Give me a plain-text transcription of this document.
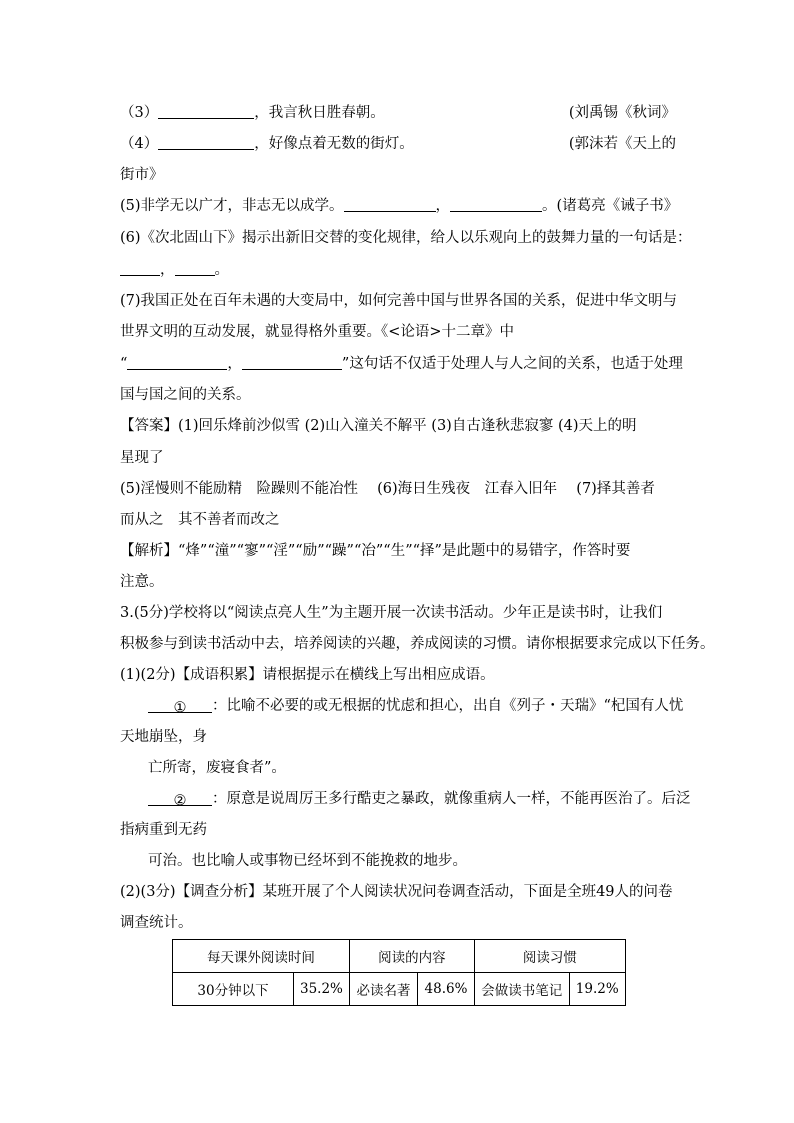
（3）	，我言秋日胜春朝。	(刘禹锡《秋词》
（4）	，好像点着无数的街灯。	(郭沫若《天上的
街市》
(5)非学无以广才，非志无以成学。	，	。(诸葛亮《诫子书》
(6)《次北固山下》揭示出新旧交替的变化规律，给人以乐观向上的鼓舞力量的一句话是：
，	。
(7)我国正处在百年未遇的大变局中，如何完善中国与世界各国的关系，促进中华文明与
世界文明的互动发展，就显得格外重要。《<论语>十二章》中
“	，	”这句话不仅适于处理人与人之间的关系，也适于处理
国与国之间的关系。
【答案】(1)回乐烽前沙似雪 (2)山入潼关不解平 (3)自古逢秋悲寂寥 (4)天上的明
星现了
(5)淫慢则不能励精　险躁则不能冶性　 (6)海日生残夜　江春入旧年　 (7)择其善者
而从之　其不善者而改之
【解析】“烽”“潼”“寥”“淫”“励”“躁”“冶”“生”“择”是此题中的易错字，作答时要
注意。
3.(5分)学校将以“阅读点亮人生”为主题开展一次读书活动。少年正是读书时，让我们
积极参与到读书活动中去，培养阅读的兴趣，养成阅读的习惯。请你根据要求完成以下任务。
(1)(2分)【成语积累】请根据提示在横线上写出相应成语。
① ：比喻不必要的或无根据的忧虑和担心，出自《列子・天瑞》“杞国有人忧
天地崩坠，身
亡所寄，废寝食者”。
② ：原意是说周厉王多行酷吏之暴政，就像重病人一样，不能再医治了。后泛
指病重到无药
可治。也比喻人或事物已经坏到不能挽救的地步。
(2)(3分)【调查分析】某班开展了个人阅读状况问卷调查活动，下面是全班49人的问卷
调查统计。
每天课外阅读时间		阅读的内容		阅读习惯	
30分钟以下	35.2%	必读名著	48.6%	会做读书笔记	19.2%
